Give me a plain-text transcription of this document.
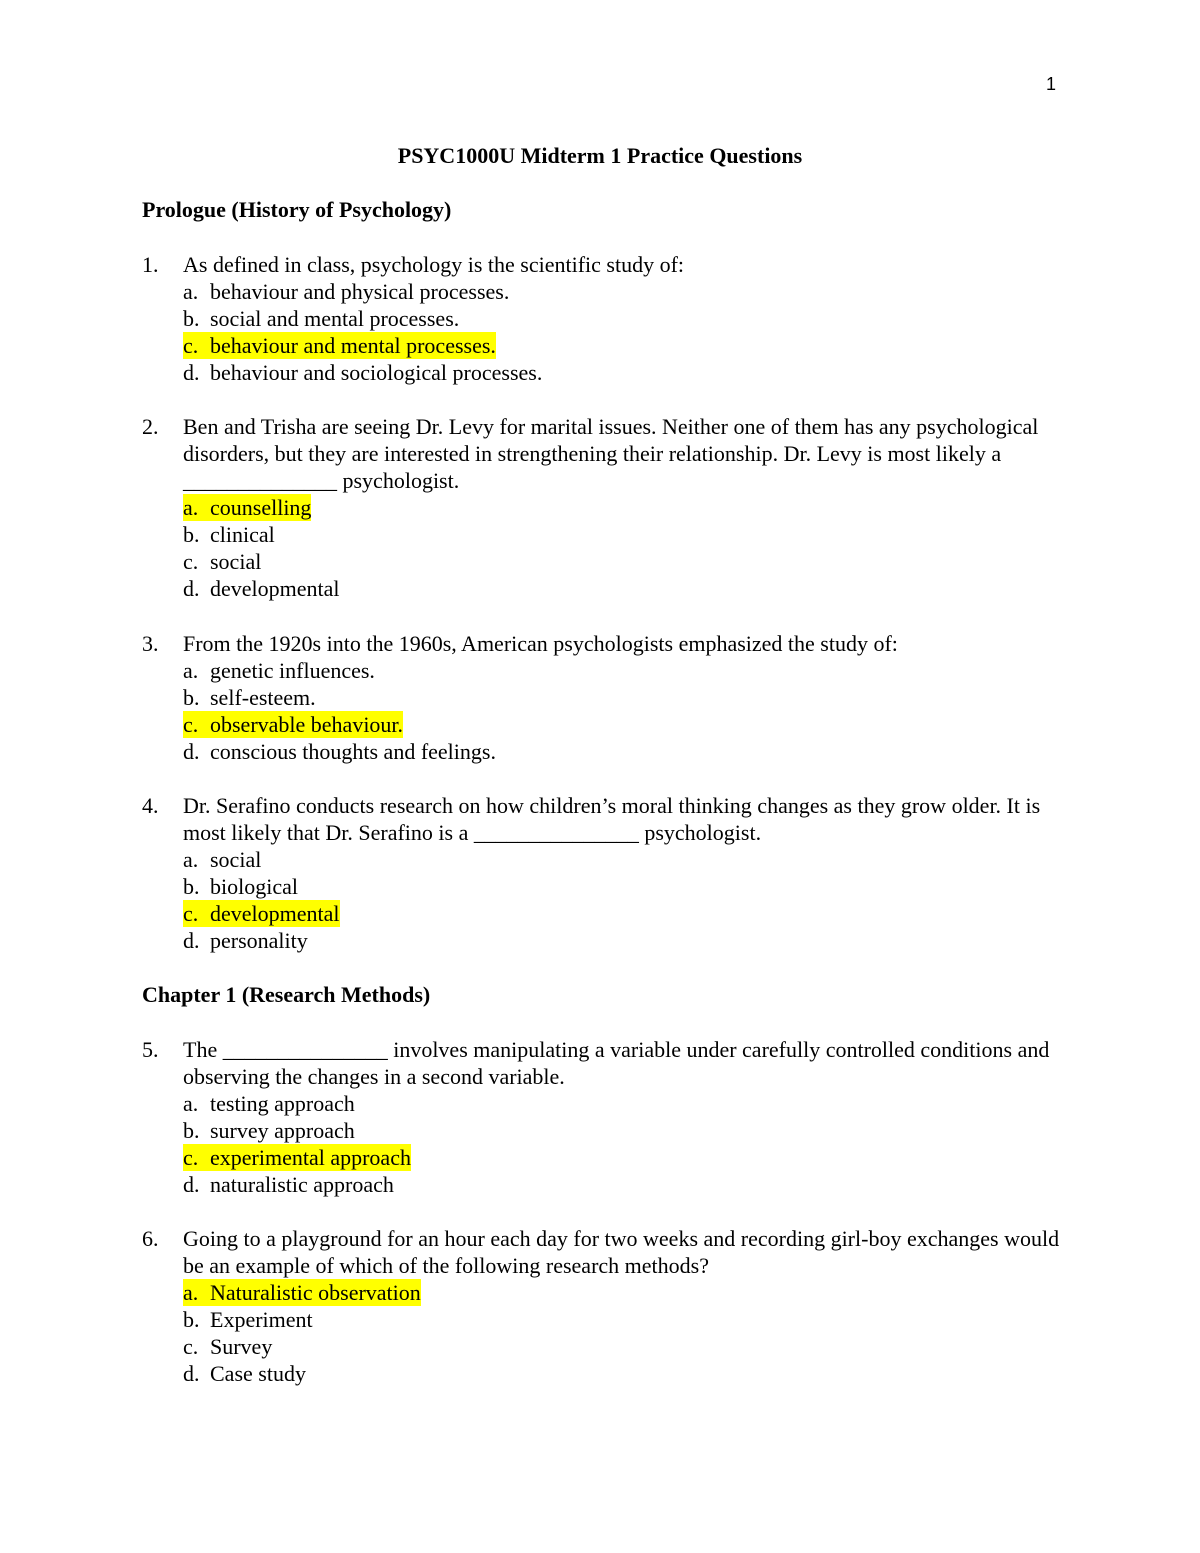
1
PSYC1000U Midterm 1 Practice Questions
Prologue (History of Psychology)
1.	As defined in class, psychology is the scientific study of:
a. behaviour and physical processes.
b. social and mental processes.
c. behaviour and mental processes.
d. behaviour and sociological processes.
2.	Ben and Trisha are seeing Dr. Levy for marital issues. Neither one of them has any psychological disorders, but they are interested in strengthening their relationship. Dr. Levy is most likely a ______________ psychologist.
a. counselling
b. clinical
c. social
d. developmental
3.	From the 1920s into the 1960s, American psychologists emphasized the study of:
a. genetic influences.
b. self-esteem.
c. observable behaviour.
d. conscious thoughts and feelings.
4.	Dr. Serafino conducts research on how children’s moral thinking changes as they grow older. It is most likely that Dr. Serafino is a _______________ psychologist.
a. social
b. biological
c. developmental
d. personality
Chapter 1 (Research Methods)
5.	The _______________ involves manipulating a variable under carefully controlled conditions and observing the changes in a second variable.
a. testing approach
b. survey approach
c. experimental approach
d. naturalistic approach
6.	Going to a playground for an hour each day for two weeks and recording girl-boy exchanges would be an example of which of the following research methods?
a. Naturalistic observation
b. Experiment
c. Survey
d. Case study
